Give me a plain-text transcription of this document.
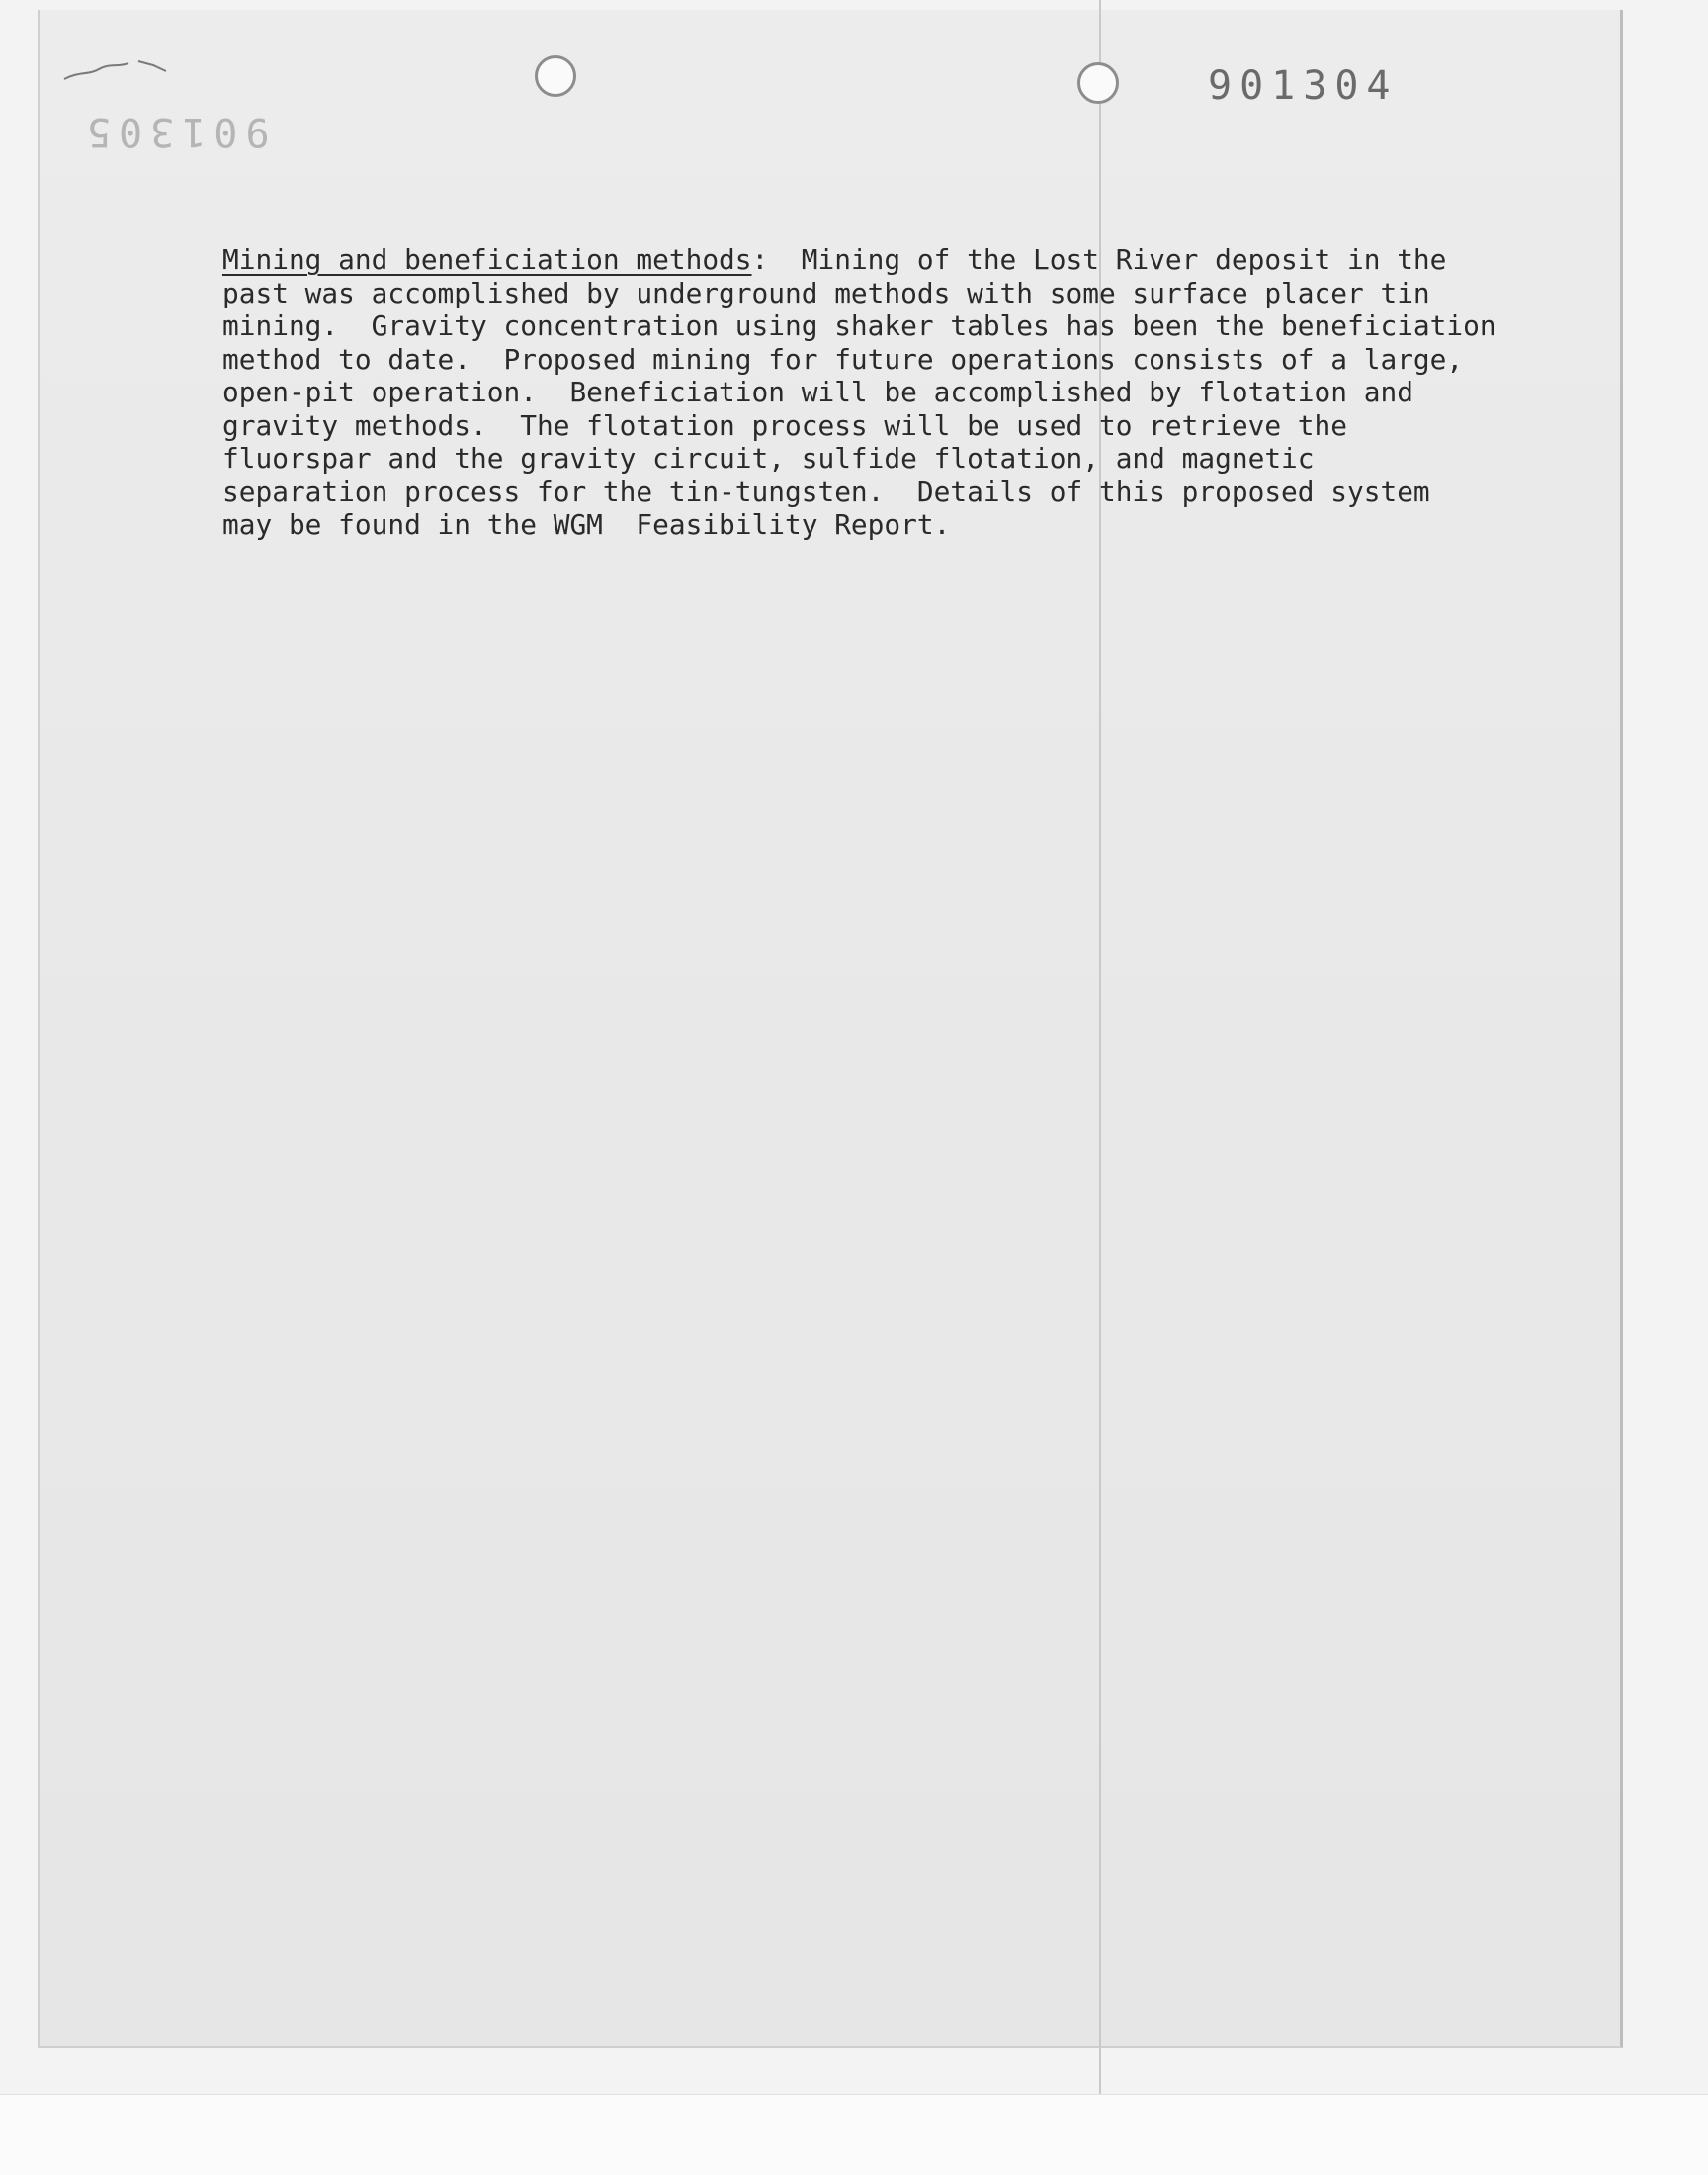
901305
901304
Mining and beneficiation methods:  Mining of the Lost River deposit in the
past was accomplished by underground methods with some surface placer tin
mining.  Gravity concentration using shaker tables has been the beneficiation
method to date.  Proposed mining for future operations consists of a large,
open-pit operation.  Beneficiation will be accomplished by flotation and
gravity methods.  The flotation process will be used to retrieve the
fluorspar and the gravity circuit, sulfide flotation, and magnetic
separation process for the tin-tungsten.  Details of this proposed system
may be found in the WGM  Feasibility Report.
